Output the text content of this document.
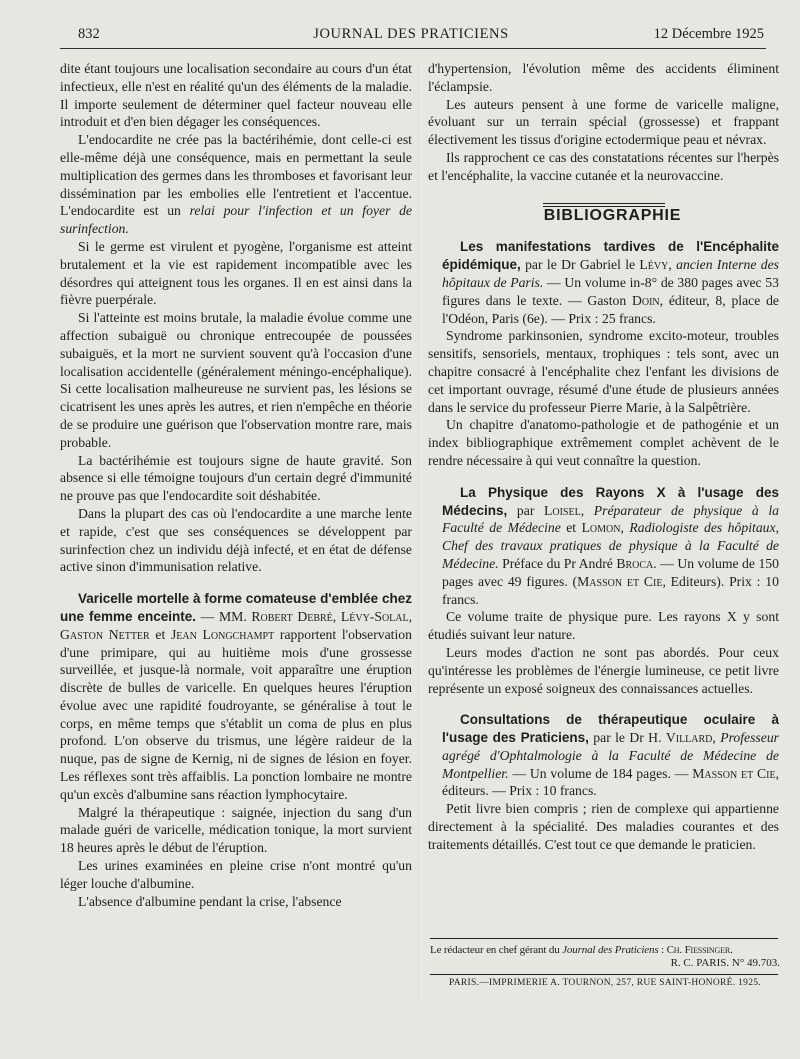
832	JOURNAL DES PRATICIENS	12 Décembre 1925

dite étant toujours une localisation secondaire au cours d'un état infectieux, elle n'est en réalité qu'un des éléments de la maladie. Il importe seulement de déterminer quel facteur nouveau elle introduit et d'en bien dégager les conséquences.

L'endocardite ne crée pas la bactérihémie, dont celle-ci est elle-même déjà une conséquence, mais en permettant la seule multiplication des germes dans les thromboses et favorisant leur dissémination par les embolies elle l'entretient et l'accentue. L'endocardite est un relai pour l'infection et un foyer de surinfection.

Si le germe est virulent et pyogène, l'organisme est atteint brutalement et la vie est rapidement incompatible avec les désordres qui atteignent tous les organes. Il en est ainsi dans la fièvre puerpérale.

Si l'atteinte est moins brutale, la maladie évolue comme une affection subaiguë ou chronique entrecoupée de poussées subaiguës, et la mort ne survient souvent qu'à l'occasion d'une localisation accidentelle (généralement méningo-encéphalique). Si cette localisation malheureuse ne survient pas, les lésions se cicatrisent les unes après les autres, et rien n'empêche en théorie de se produire une guérison que l'observation montre rare, mais probable.

La bactérihémie est toujours signe de haute gravité. Son absence si elle témoigne toujours d'un certain degré d'immunité ne prouve pas que l'endocardite soit déshabitée.

Dans la plupart des cas où l'endocardite a une marche lente et rapide, c'est que ses conséquences se développent par surinfection chez un individu déjà infecté, et en état de défense active sinon d'immunisation relative.

Varicelle mortelle à forme comateuse d'emblée chez une femme enceinte. — MM. Robert Debré, Lévy-Solal, Gaston Netter et Jean Longchampt rapportent l'observation d'une primipare, qui au huitième mois d'une grossesse surveillée, et jusque-là normale, voit apparaître une éruption discrète de bulles de varicelle. En quelques heures l'éruption évolue avec une rapidité foudroyante, se généralise à tout le corps, en même temps que s'établit un coma de plus en plus profond. L'on observe du trismus, une légère raideur de la nuque, pas de signe de Kernig, ni de signes de lésion en foyer. Les réflexes sont très affaiblis. La ponction lombaire ne montre qu'un excès d'albumine sans réaction lymphocytaire.

Malgré la thérapeutique : saignée, injection du sang d'un malade guéri de varicelle, médication tonique, la mort survient 18 heures après le début de l'éruption.

Les urines examinées en pleine crise n'ont montré qu'un léger louche d'albumine.

L'absence d'albumine pendant la crise, l'absence

d'hypertension, l'évolution même des accidents éliminent l'éclampsie.

Les auteurs pensent à une forme de varicelle maligne, évoluant sur un terrain spécial (grossesse) et frappant électivement les tissus d'origine ectodermique peau et névrax.

Ils rapprochent ce cas des constatations récentes sur l'herpès et l'encéphalite, la vaccine cutanée et la neurovaccine.

BIBLIOGRAPHIE

Les manifestations tardives de l'Encéphalite épidémique, par le Dr Gabriel le Lévy, ancien Interne des hôpitaux de Paris. — Un volume in-8° de 380 pages avec 53 figures dans le texte. — Gaston Doin, éditeur, 8, place de l'Odéon, Paris (6e). — Prix : 25 francs.

Syndrome parkinsonien, syndrome excito-moteur, troubles sensitifs, sensoriels, mentaux, trophiques : tels sont, avec un chapitre consacré à l'encéphalite chez l'enfant les divisions de cet important ouvrage, résumé d'une étude de plusieurs années dans le service du professeur Pierre Marie, à la Salpêtrière.

Un chapitre d'anatomo-pathologie et de pathogénie et un index bibliographique extrêmement complet achèvent de le rendre nécessaire à qui veut connaître la question.

La Physique des Rayons X à l'usage des Médecins, par Loisel, Préparateur de physique à la Faculté de Médecine et Lomon, Radiologiste des hôpitaux, Chef des travaux pratiques de physique à la Faculté de Médecine. Préface du Pr André Broca. — Un volume de 150 pages avec 49 figures. (Masson et Cie, Editeurs). Prix : 10 francs.

Ce volume traite de physique pure. Les rayons X y sont étudiés suivant leur nature.

Leurs modes d'action ne sont pas abordés. Pour ceux qu'intéresse les problèmes de l'énergie lumineuse, ce petit livre représente un exposé soigneux des connaissances actuelles.

Consultations de thérapeutique oculaire à l'usage des Praticiens, par le Dr H. Villard, Professeur agrégé d'Ophtalmologie à la Faculté de Médecine de Montpellier. — Un volume de 184 pages. — Masson et Cie, éditeurs. — Prix : 10 francs.

Petit livre bien compris ; rien de complexe qui appartienne directement à la spécialité. Des maladies courantes et des traitements détaillés. C'est tout ce que demande le praticien.

Le rédacteur en chef gérant du Journal des Praticiens : Ch. Fiessinger.
R. C. PARIS. N° 49.703.
PARIS.—IMPRIMERIE A. TOURNON, 257, RUE SAINT-HONORÉ. 1925.
